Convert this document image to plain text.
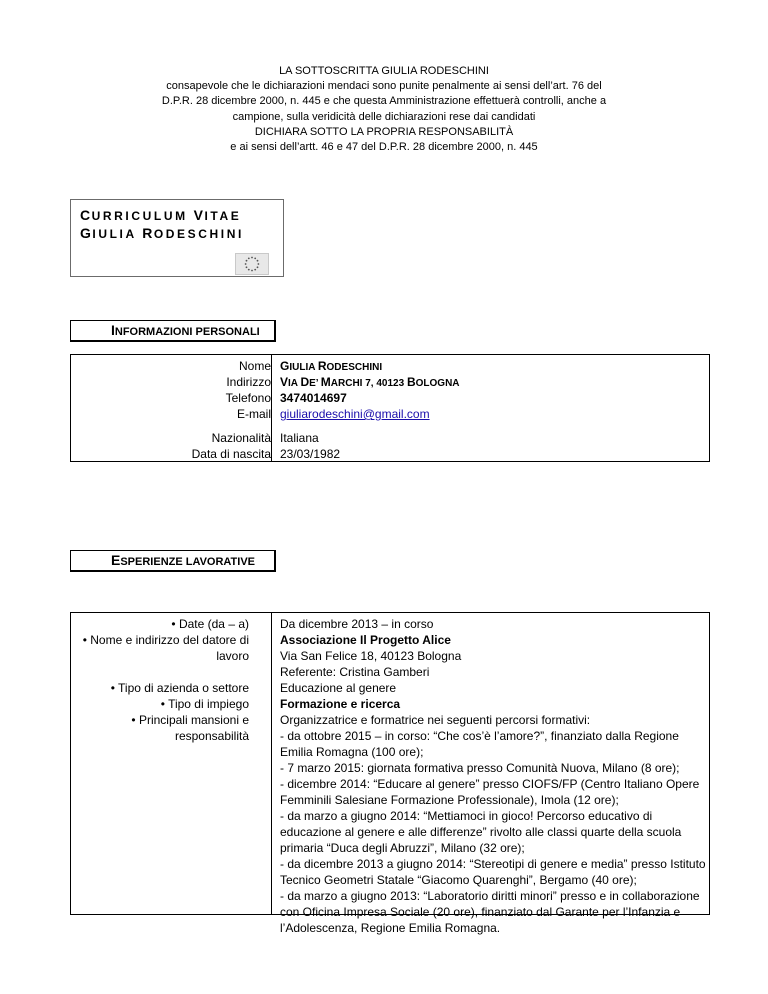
LA SOTTOSCRITTA GIULIA RODESCHINI
consapevole che le dichiarazioni mendaci sono punite penalmente ai sensi dell’art. 76 del
D.P.R. 28 dicembre 2000, n. 445 e che questa Amministrazione effettuerà controlli, anche a
campione, sulla veridicità delle dichiarazioni rese dai candidati
DICHIARA SOTTO LA PROPRIA RESPONSABILITÀ
e ai sensi dell’artt. 46 e 47 del D.P.R. 28 dicembre 2000, n. 445
CURRICULUM VITAE
GIULIA RODESCHINI
INFORMAZIONI PERSONALI
Nome
Indirizzo
Telefono
E-mail
Nazionalità
Data di nascita
GIULIA RODESCHINI
VIA DE’ MARCHI 7, 40123 BOLOGNA
3474014697
giuliarodeschini@gmail.com
Italiana
23/03/1982
ESPERIENZE LAVORATIVE
• Date (da – a)
• Nome e indirizzo del datore di
lavoro
• Tipo di azienda o settore
• Tipo di impiego
• Principali mansioni e
responsabilità
Da dicembre 2013 – in corso
Associazione Il Progetto Alice
Via San Felice 18, 40123 Bologna
Referente: Cristina Gamberi
Educazione al genere
Formazione e ricerca
Organizzatrice e formatrice nei seguenti percorsi formativi:
- da ottobre 2015 – in corso: “Che cos’è l’amore?”, finanziato dalla Regione
Emilia Romagna (100 ore);
- 7 marzo 2015: giornata formativa presso Comunità Nuova, Milano (8 ore);
- dicembre 2014: “Educare al genere” presso CIOFS/FP (Centro Italiano Opere
Femminili Salesiane Formazione Professionale), Imola (12 ore);
- da marzo a giugno 2014: “Mettiamoci in gioco! Percorso educativo di
educazione al genere e alle differenze” rivolto alle classi quarte della scuola
primaria “Duca degli Abruzzi”, Milano (32 ore);
- da dicembre 2013 a giugno 2014: “Stereotipi di genere e media” presso Istituto
Tecnico Geometri Statale “Giacomo Quarenghi”, Bergamo (40 ore);
- da marzo a giugno 2013: “Laboratorio diritti minori” presso e in collaborazione
con Oficina Impresa Sociale (20 ore), finanziato dal Garante per l’Infanzia e
l’Adolescenza, Regione Emilia Romagna.
